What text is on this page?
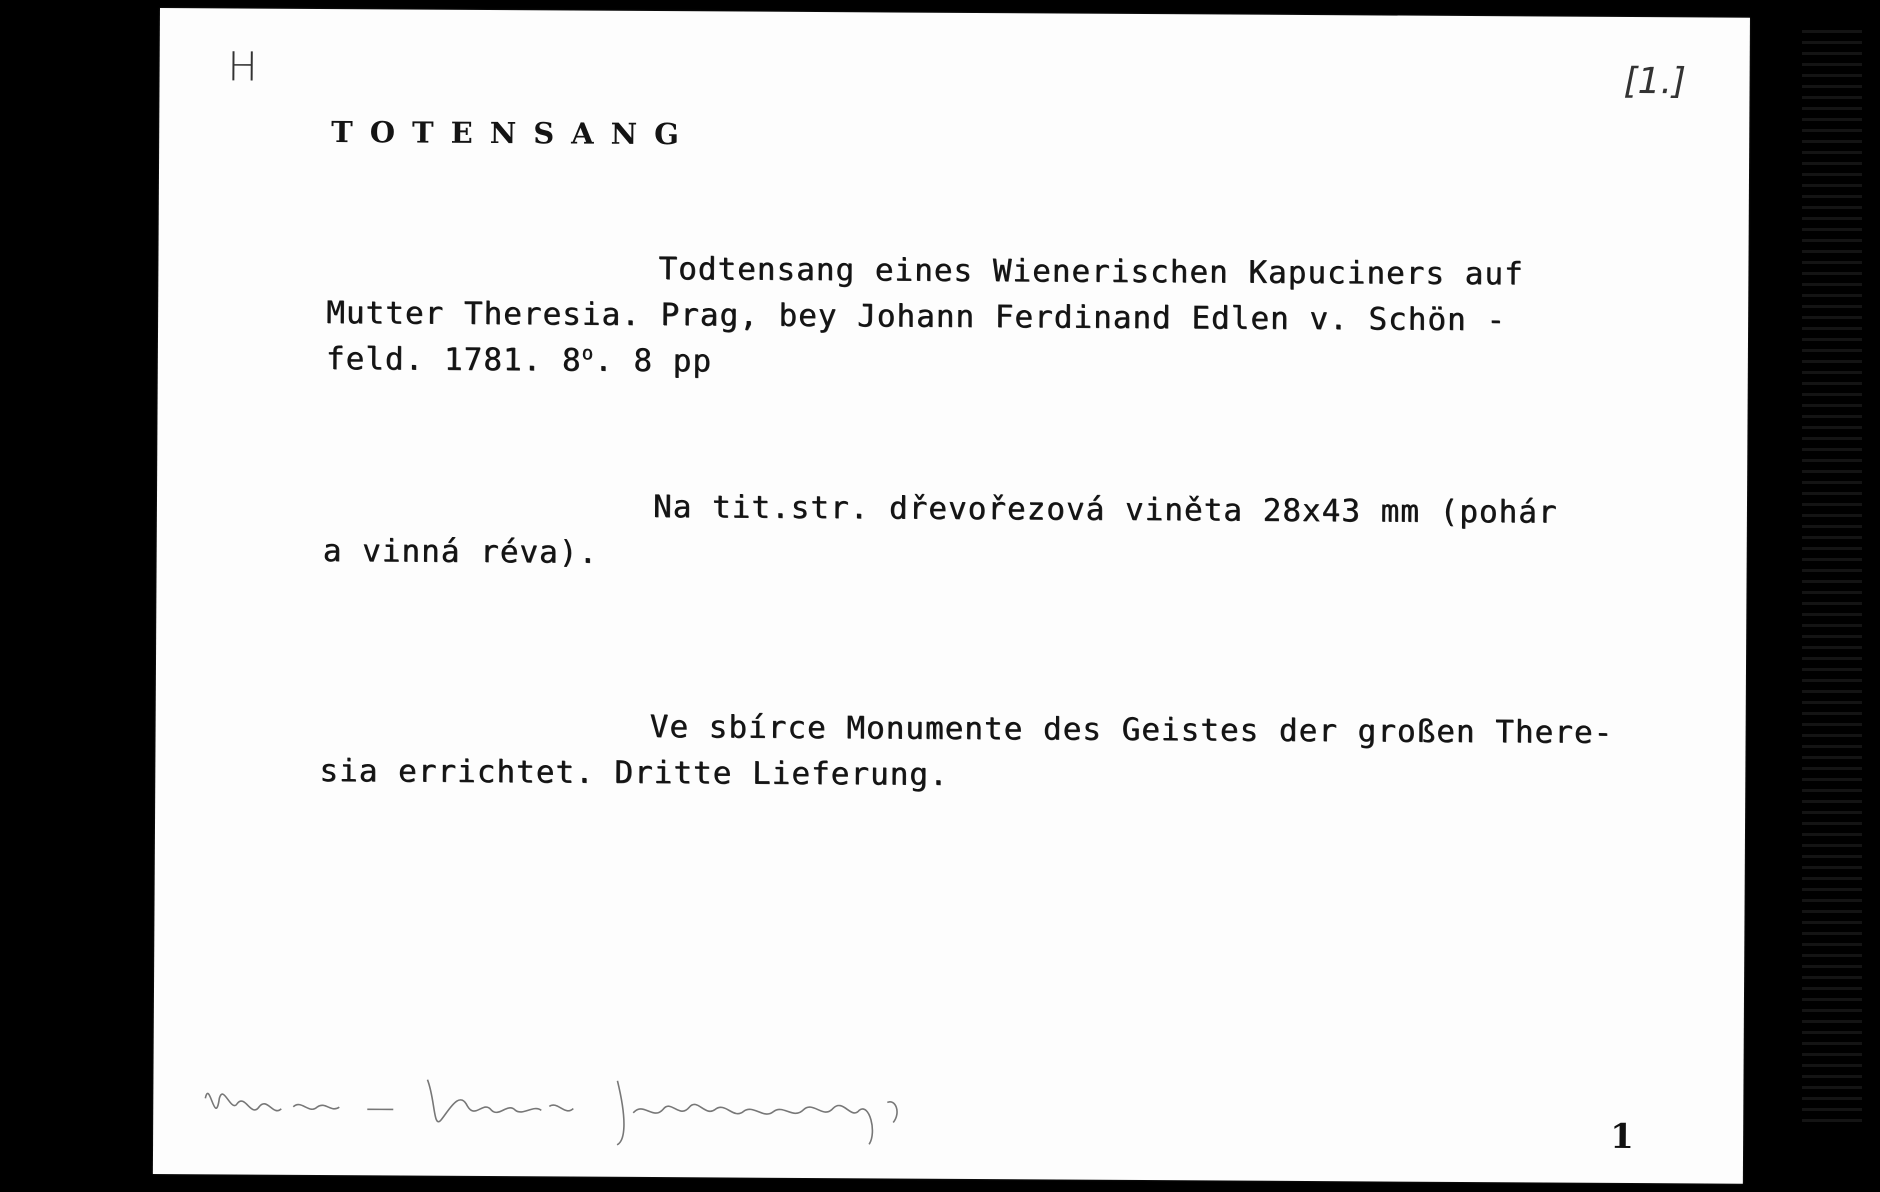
H	[1.]
TOTENSANG
Todtensang eines Wienerischen Kapuciners auf
Mutter Theresia. Prag, bey Johann Ferdinand Edlen v. Schön -
feld. 1781. 8$^o$. 8 pp
Na tit.str. dřevořezová viněta 28x43 mm (pohár
a vinná réva).
Ve sbírce Monumente des Geistes der großen There-
sia errichtet. Dritte Lieferung.
1
